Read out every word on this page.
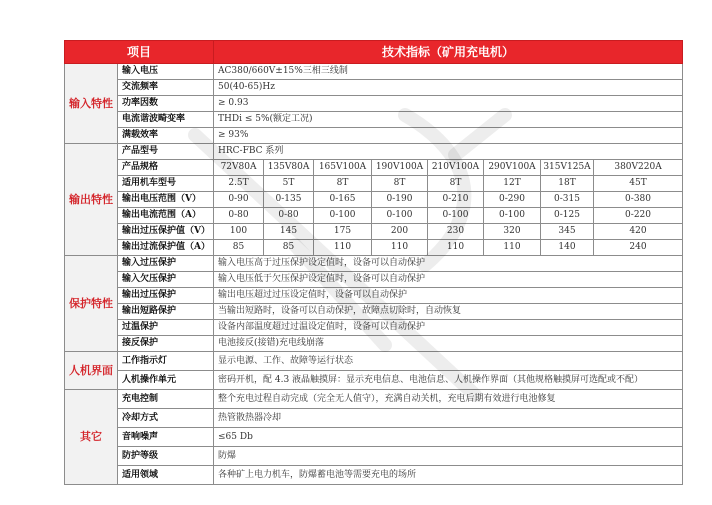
项目		技术指标（矿用充电机）							
输入特性	输入电压	AC380/660V±15%三相三线制							
	交流频率	50(40-65)Hz							
	功率因数	≥ 0.93							
	电流谐波畸变率	THDi ≤ 5%(额定工况)							
	满载效率	≥ 93%							
输出特性	产品型号	HRC-FBC 系列							
	产品规格	72V80A	135V80A	165V100A	190V100A	210V100A	290V100A	315V125A	380V220A
	适用机车型号	2.5T	5T	8T	8T	8T	12T	18T	45T
	输出电压范围（V）	0-90	0-135	0-165	0-190	0-210	0-290	0-315	0-380
	输出电流范围（A）	0-80	0-80	0-100	0-100	0-100	0-100	0-125	0-220
	输出过压保护值（V）	100	145	175	200	230	320	345	420
	输出过流保护值（A）	85	85	110	110	110	110	140	240
保护特性	输入过压保护	输入电压高于过压保护设定值时，设备可以自动保护							
	输入欠压保护	输入电压低于欠压保护设定值时，设备可以自动保护							
	输出过压保护	输出电压超过过压设定值时，设备可以自动保护							
	输出短路保护	当输出短路时，设备可以自动保护，故障点切除时，自动恢复							
	过温保护	设备内部温度超过过温设定值时，设备可以自动保护							
	接反保护	电池接反(接错)充电线崩落							
人机界面	工作指示灯	显示电源、工作、故障等运行状态							
	人机操作单元	密码开机，配 4.3 液晶触摸屏：显示充电信息、电池信息、人机操作界面（其他规格触摸屏可选配或不配）							
其它	充电控制	整个充电过程自动完成（完全无人值守），充满自动关机，充电后期有效进行电池修复							
	冷却方式	热管散热器冷却							
	音响噪声	≤65 Db							
	防护等级	防爆							
	适用领域	各种矿上电力机车，防爆蓄电池等需要充电的场所							
